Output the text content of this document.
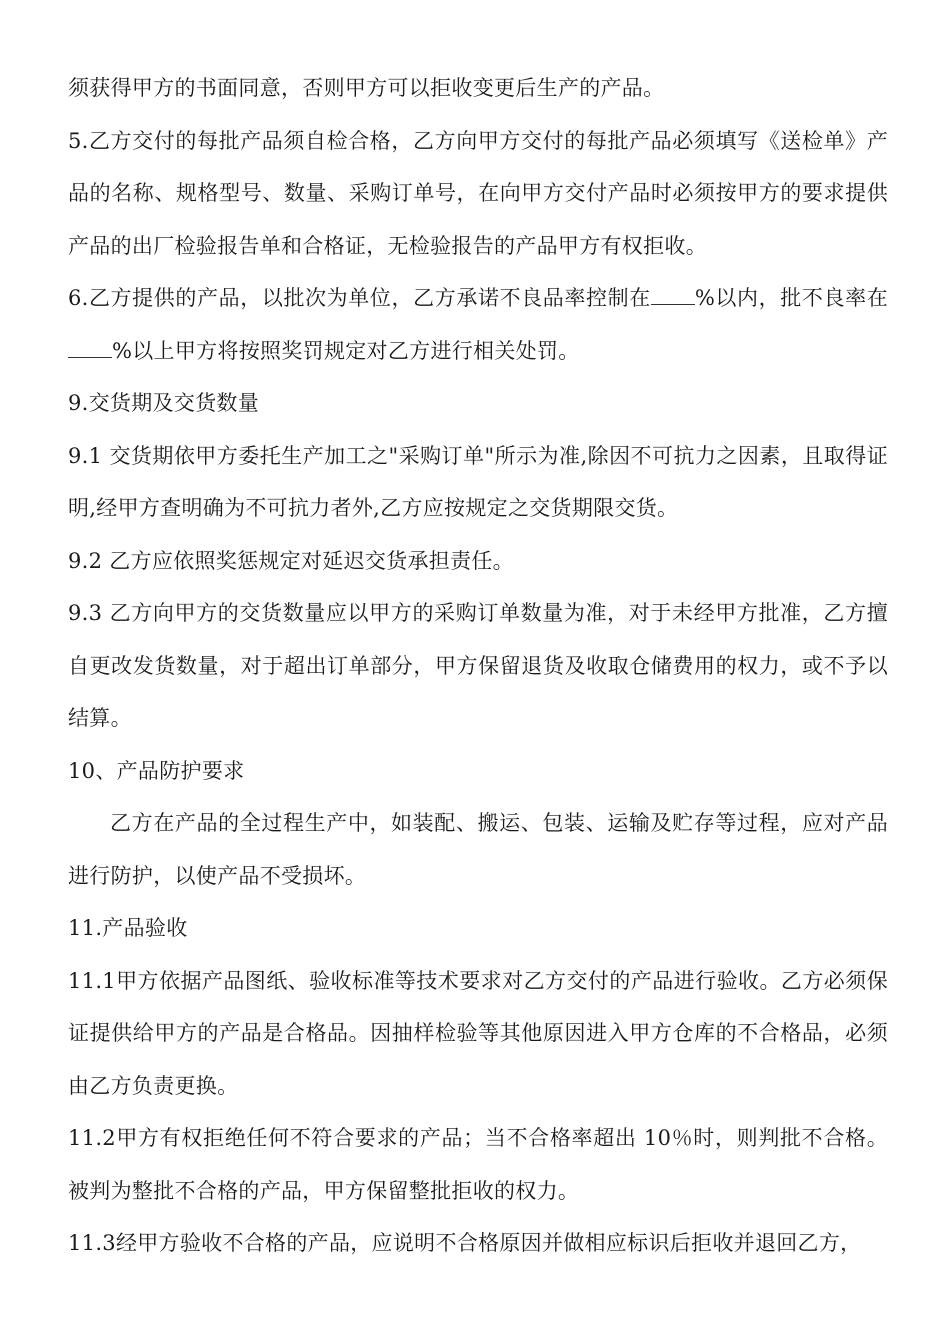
须获得甲方的书面同意，否则甲方可以拒收变更后生产的产品。

5.乙方交付的每批产品须自检合格，乙方向甲方交付的每批产品必须填写《送检单》产品的名称、规格型号、数量、采购订单号，在向甲方交付产品时必须按甲方的要求提供产品的出厂检验报告单和合格证，无检验报告的产品甲方有权拒收。

6.乙方提供的产品，以批次为单位，乙方承诺不良品率控制在 %以内，批不良率在%以上甲方将按照奖罚规定对乙方进行相关处罚。

9.交货期及交货数量

9.1 交货期依甲方委托生产加工之"采购订单"所示为准,除因不可抗力之因素，且取得证明,经甲方查明确为不可抗力者外,乙方应按规定之交货期限交货。

9.2 乙方应依照奖惩规定对延迟交货承担责任。

9.3 乙方向甲方的交货数量应以甲方的采购订单数量为准，对于未经甲方批准，乙方擅自更改发货数量，对于超出订单部分，甲方保留退货及收取仓储费用的权力，或不予以结算。

10、产品防护要求

乙方在产品的全过程生产中，如装配、搬运、包装、运输及贮存等过程，应对产品进行防护，以使产品不受损坏。

11.产品验收

11.1甲方依据产品图纸、验收标准等技术要求对乙方交付的产品进行验收。乙方必须保证提供给甲方的产品是合格品。因抽样检验等其他原因进入甲方仓库的不合格品，必须由乙方负责更换。

11.2甲方有权拒绝任何不符合要求的产品；当不合格率超出 10％时，则判批不合格。被判为整批不合格的产品，甲方保留整批拒收的权力。

11.3经甲方验收不合格的产品，应说明不合格原因并做相应标识后拒收并退回乙方，
